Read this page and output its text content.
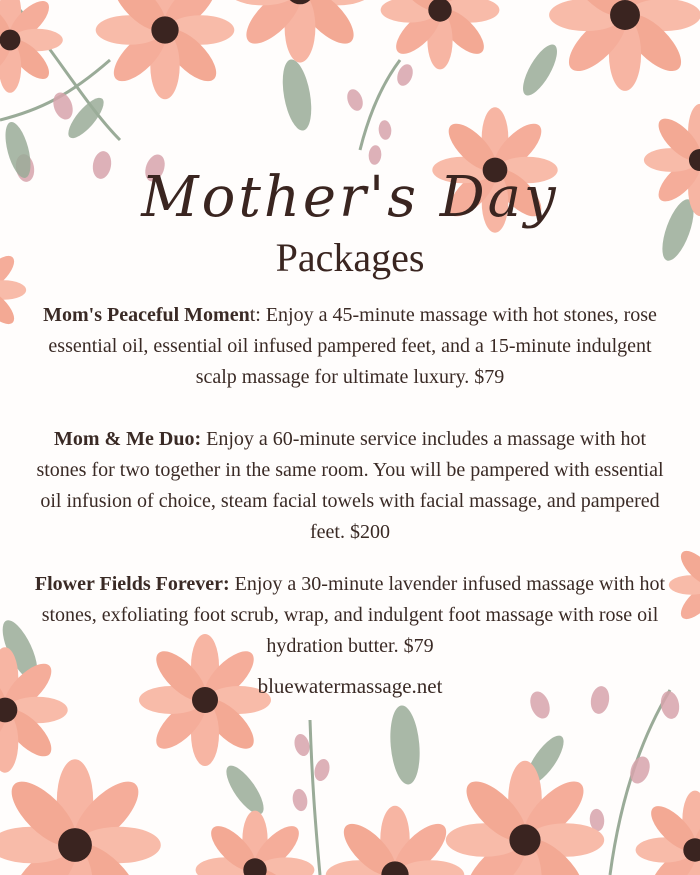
Mother's Day
Packages
Mom's Peaceful Moment: Enjoy a 45-minute massage with hot stones, rose essential oil, essential oil infused pampered feet, and a 15-minute indulgent scalp massage for ultimate luxury. $79
Mom & Me Duo: Enjoy a 60-minute service includes a massage with hot stones for two together in the same room. You will be pampered with essential oil infusion of choice, steam facial towels with facial massage, and pampered feet. $200
Flower Fields Forever: Enjoy a 30-minute lavender infused massage with hot stones, exfoliating foot scrub, wrap, and indulgent foot massage with rose oil hydration butter. $79
bluewatermassage.net
